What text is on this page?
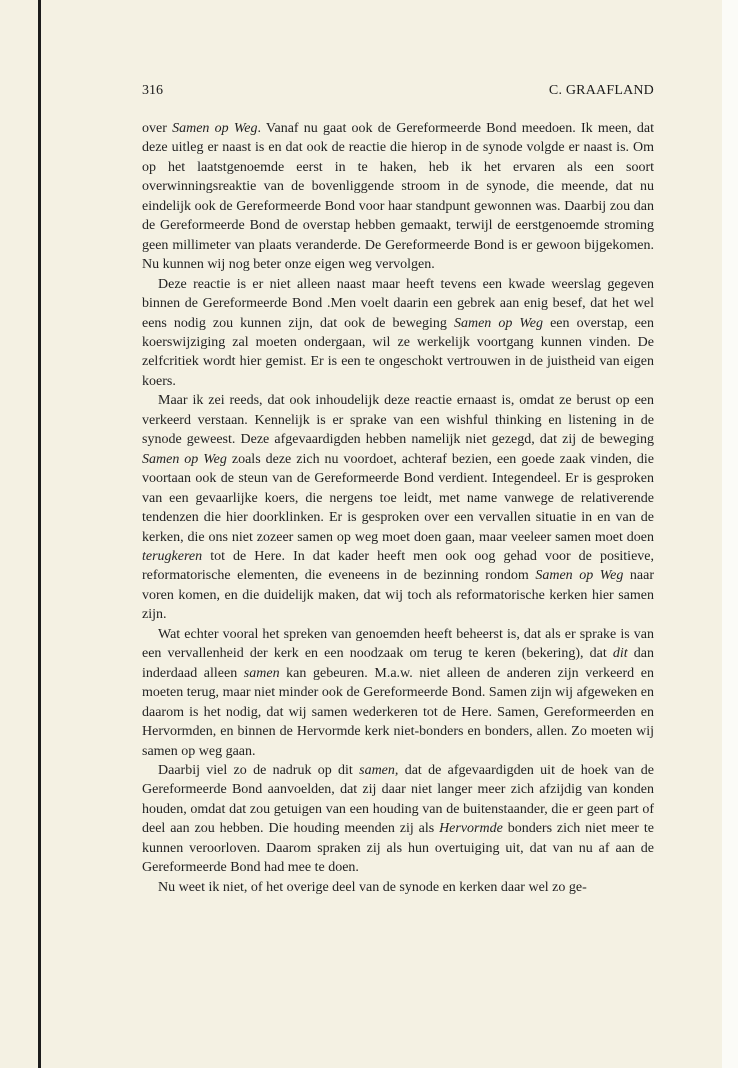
316	C. GRAAFLAND

over Samen op Weg. Vanaf nu gaat ook de Gereformeerde Bond meedoen. Ik meen, dat deze uitleg er naast is en dat ook de reactie die hierop in de synode volgde er naast is. Om op het laatstgenoemde eerst in te haken, heb ik het ervaren als een soort overwinningsreaktie van de bovenliggende stroom in de synode, die meende, dat nu eindelijk ook de Gereformeerde Bond voor haar standpunt gewonnen was. Daarbij zou dan de Gereformeerde Bond de overstap hebben gemaakt, terwijl de eerstgenoemde stroming geen millimeter van plaats veranderde. De Gereformeerde Bond is er gewoon bijgekomen. Nu kunnen wij nog beter onze eigen weg vervolgen.

Deze reactie is er niet alleen naast maar heeft tevens een kwade weerslag gegeven binnen de Gereformeerde Bond .Men voelt daarin een gebrek aan enig besef, dat het wel eens nodig zou kunnen zijn, dat ook de beweging Samen op Weg een overstap, een koerswijziging zal moeten ondergaan, wil ze werkelijk voortgang kunnen vinden. De zelfcritiek wordt hier gemist. Er is een te ongeschokt vertrouwen in de juistheid van eigen koers.

Maar ik zei reeds, dat ook inhoudelijk deze reactie ernaast is, omdat ze berust op een verkeerd verstaan. Kennelijk is er sprake van een wishful thinking en listening in de synode geweest. Deze afgevaardigden hebben namelijk niet gezegd, dat zij de beweging Samen op Weg zoals deze zich nu voordoet, achteraf bezien, een goede zaak vinden, die voortaan ook de steun van de Gereformeerde Bond verdient. Integendeel. Er is gesproken van een gevaarlijke koers, die nergens toe leidt, met name vanwege de relativerende tendenzen die hier doorklinken. Er is gesproken over een vervallen situatie in en van de kerken, die ons niet zozeer samen op weg moet doen gaan, maar veeleer samen moet doen terugkeren tot de Here. In dat kader heeft men ook oog gehad voor de positieve, reformatorische elementen, die eveneens in de bezinning rondom Samen op Weg naar voren komen, en die duidelijk maken, dat wij toch als reformatorische kerken hier samen zijn.

Wat echter vooral het spreken van genoemden heeft beheerst is, dat als er sprake is van een vervallenheid der kerk en een noodzaak om terug te keren (bekering), dat dit dan inderdaad alleen samen kan gebeuren. M.a.w. niet alleen de anderen zijn verkeerd en moeten terug, maar niet minder ook de Gereformeerde Bond. Samen zijn wij afgeweken en daarom is het nodig, dat wij samen wederkeren tot de Here. Samen, Gereformeerden en Hervormden, en binnen de Hervormde kerk niet-bonders en bonders, allen. Zo moeten wij samen op weg gaan.

Daarbij viel zo de nadruk op dit samen, dat de afgevaardigden uit de hoek van de Gereformeerde Bond aanvoelden, dat zij daar niet langer meer zich afzijdig van konden houden, omdat dat zou getuigen van een houding van de buitenstaander, die er geen part of deel aan zou hebben. Die houding meenden zij als Hervormde bonders zich niet meer te kunnen veroorloven. Daarom spraken zij als hun overtuiging uit, dat van nu af aan de Gereformeerde Bond had mee te doen.

Nu weet ik niet, of het overige deel van de synode en kerken daar wel zo ge-
